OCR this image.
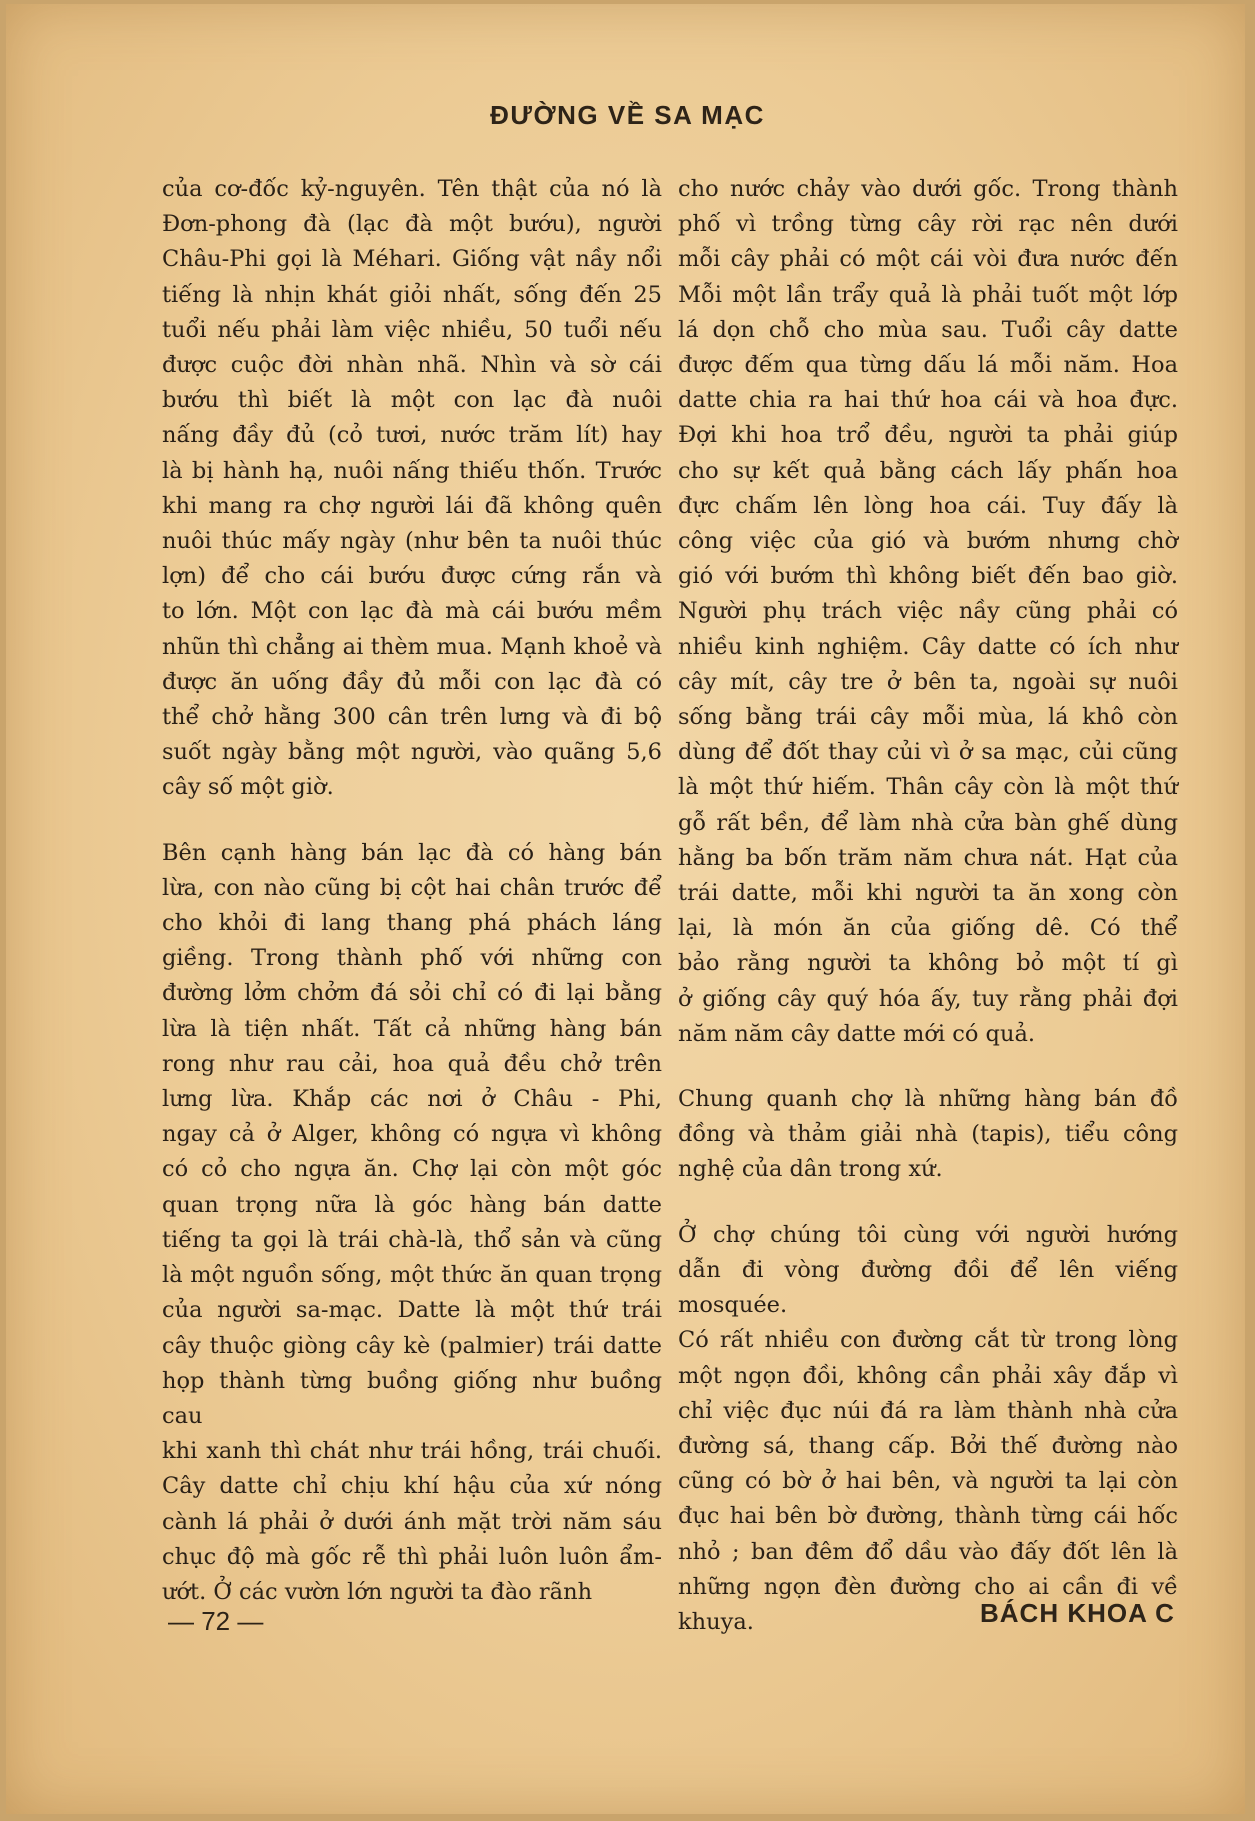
ĐƯỜNG VỀ SA MẠC

của cơ-đốc kỷ-nguyên. Tên thật của nó là

Đơn-phong đà (lạc đà một bướu), người

Châu-Phi gọi là Méhari. Giống vật nầy nổi

tiếng là nhịn khát giỏi nhất, sống đến 25

tuổi nếu phải làm việc nhiều, 50 tuổi nếu

được cuộc đời nhàn nhã. Nhìn và sờ cái

bướu thì biết là một con lạc đà nuôi

nấng đầy đủ (cỏ tươi, nước trăm lít) hay

là bị hành hạ, nuôi nấng thiếu thốn. Trước

khi mang ra chợ người lái đã không quên

nuôi thúc mấy ngày (như bên ta nuôi thúc

lợn) để cho cái bướu được cứng rắn và

to lớn. Một con lạc đà mà cái bướu mềm

nhũn thì chẳng ai thèm mua. Mạnh khoẻ và

được ăn uống đầy đủ mỗi con lạc đà có

thể chở hằng 300 cân trên lưng và đi bộ

suốt ngày bằng một người, vào quãng 5,6

cây số một giờ.

Bên cạnh hàng bán lạc đà có hàng bán

lừa, con nào cũng bị cột hai chân trước để

cho khỏi đi lang thang phá phách láng

giềng. Trong thành phố với những con

đường lởm chởm đá sỏi chỉ có đi lại bằng

lừa là tiện nhất. Tất cả những hàng bán

rong như rau cải, hoa quả đều chở trên

lưng lừa. Khắp các nơi ở Châu - Phi,

ngay cả ở Alger, không có ngựa vì không

có cỏ cho ngựa ăn. Chợ lại còn một góc

quan trọng nữa là góc hàng bán datte

tiếng ta gọi là trái chà-là, thổ sản và cũng

là một nguồn sống, một thức ăn quan trọng

của người sa-mạc. Datte là một thứ trái

cây thuộc giòng cây kè (palmier) trái datte

họp thành từng buồng giống như buồng cau

khi xanh thì chát như trái hồng, trái chuối.

Cây datte chỉ chịu khí hậu của xứ nóng

cành lá phải ở dưới ánh mặt trời năm sáu

chục độ mà gốc rễ thì phải luôn luôn ẩm-

ướt. Ở các vườn lớn người ta đào rãnh

cho nước chảy vào dưới gốc. Trong thành

phố vì trồng từng cây rời rạc nên dưới

mỗi cây phải có một cái vòi đưa nước đến

Mỗi một lần trẩy quả là phải tuốt một lớp

lá dọn chỗ cho mùa sau. Tuổi cây datte

được đếm qua từng dấu lá mỗi năm. Hoa

datte chia ra hai thứ hoa cái và hoa đực.

Đợi khi hoa trổ đều, người ta phải giúp

cho sự kết quả bằng cách lấy phấn hoa

đực chấm lên lòng hoa cái. Tuy đấy là

công việc của gió và bướm nhưng chờ

gió với bướm thì không biết đến bao giờ.

Người phụ trách việc nầy cũng phải có

nhiều kinh nghiệm. Cây datte có ích như

cây mít, cây tre ở bên ta, ngoài sự nuôi

sống bằng trái cây mỗi mùa, lá khô còn

dùng để đốt thay củi vì ở sa mạc, củi cũng

là một thứ hiếm. Thân cây còn là một thứ

gỗ rất bền, để làm nhà cửa bàn ghế dùng

hằng ba bốn trăm năm chưa nát. Hạt của

trái datte, mỗi khi người ta ăn xong còn

lại, là món ăn của giống dê. Có thể

bảo rằng người ta không bỏ một tí gì

ở giống cây quý hóa ấy, tuy rằng phải đợi

năm năm cây datte mới có quả.

Chung quanh chợ là những hàng bán đồ

đồng và thảm giải nhà (tapis), tiểu công

nghệ của dân trong xứ.

Ở chợ chúng tôi cùng với người hướng

dẫn đi vòng đường đồi để lên viếng mosquée.

Có rất nhiều con đường cắt từ trong lòng

một ngọn đồi, không cần phải xây đắp vì

chỉ việc đục núi đá ra làm thành nhà cửa

đường sá, thang cấp. Bởi thế đường nào

cũng có bờ ở hai bên, và người ta lại còn

đục hai bên bờ đường, thành từng cái hốc

nhỏ ; ban đêm đổ dầu vào đấy đốt lên là

những ngọn đèn đường cho ai cần đi về

khuya.

— 72 —	BÁCH KHOA C
